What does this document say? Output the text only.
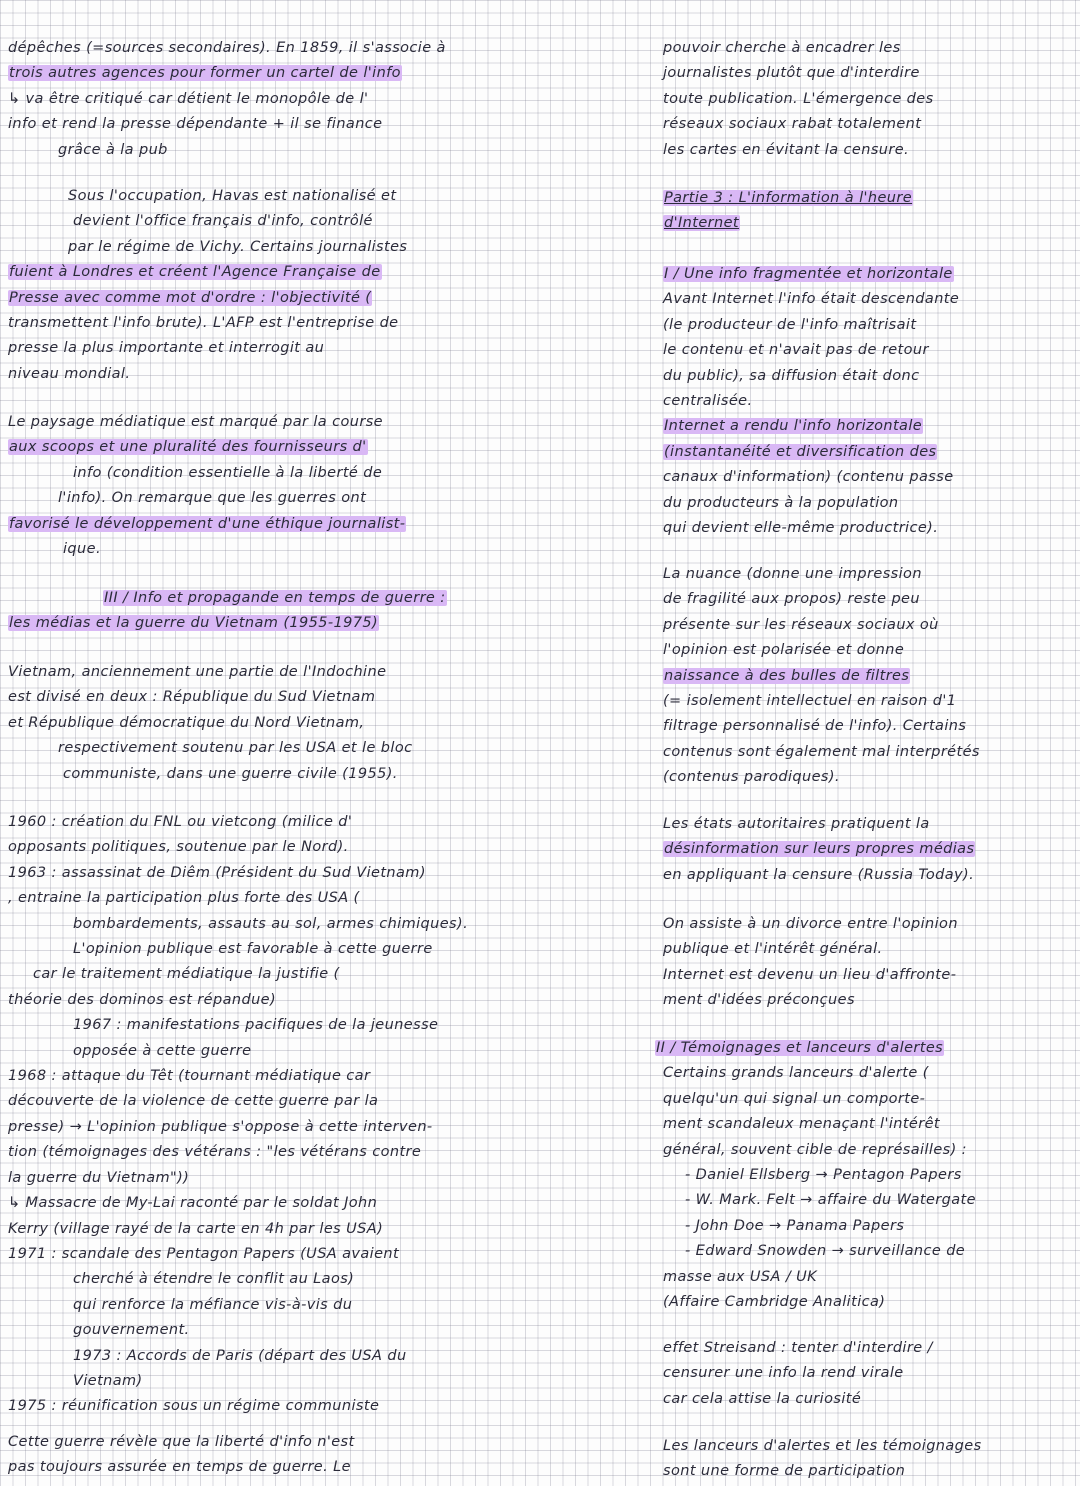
dépêches (=sources secondaires). En 1859, il s'associe à
trois autres agences pour former un cartel de l'info
↳ va être critiqué car détient le monopôle de l'
info et rend la presse dépendante + il se finance
grâce à la pub
Sous l'occupation, Havas est nationalisé et
devient l'office français d'info, contrôlé
par le régime de Vichy. Certains journalistes
fuient à Londres et créent l'Agence Française de
Presse avec comme mot d'ordre : l'objectivité (
transmettent l'info brute). L'AFP est l'entreprise de
presse la plus importante et interrogit au
niveau mondial.
Le paysage médiatique est marqué par la course
aux scoops et une pluralité des fournisseurs d'
info (condition essentielle à la liberté de
l'info). On remarque que les guerres ont
favorisé le développement d'une éthique journalist-
ique.
III / Info et propagande en temps de guerre :
les médias et la guerre du Vietnam (1955-1975)
Vietnam, anciennement une partie de l'Indochine
est divisé en deux : République du Sud Vietnam
et République démocratique du Nord Vietnam,
respectivement soutenu par les USA et le bloc
communiste, dans une guerre civile (1955).
1960 : création du FNL ou vietcong (milice d'
opposants politiques, soutenue par le Nord).
1963 : assassinat de Diêm (Président du Sud Vietnam)
, entraine la participation plus forte des USA (
bombardements, assauts au sol, armes chimiques).
L'opinion publique est favorable à cette guerre
car le traitement médiatique la justifie (
théorie des dominos est répandue)
1967 : manifestations pacifiques de la jeunesse
opposée à cette guerre
1968 : attaque du Têt (tournant médiatique car
découverte de la violence de cette guerre par la
presse) → L'opinion publique s'oppose à cette interven-
tion (témoignages des vétérans : "les vétérans contre
la guerre du Vietnam"))
↳ Massacre de My-Lai raconté par le soldat John
Kerry (village rayé de la carte en 4h par les USA)
1971 : scandale des Pentagon Papers (USA avaient
cherché à étendre le conflit au Laos)
qui renforce la méfiance vis-à-vis du
gouvernement.
1973 : Accords de Paris (départ des USA du
Vietnam)
1975 : réunification sous un régime communiste
Cette guerre révèle que la liberté d'info n'est
pas toujours assurée en temps de guerre. Le
pouvoir cherche à encadrer les
journalistes plutôt que d'interdire
toute publication. L'émergence des
réseaux sociaux rabat totalement
les cartes en évitant la censure.
Partie 3 : L'information à l'heure
d'Internet
I / Une info fragmentée et horizontale
Avant Internet l'info était descendante
(le producteur de l'info maîtrisait
le contenu et n'avait pas de retour
du public), sa diffusion était donc
centralisée.
Internet a rendu l'info horizontale
(instantanéité et diversification des
canaux d'information) (contenu passe
du producteurs à la population
qui devient elle-même productrice).
La nuance (donne une impression
de fragilité aux propos) reste peu
présente sur les réseaux sociaux où
l'opinion est polarisée et donne
naissance à des bulles de filtres
(= isolement intellectuel en raison d'1
filtrage personnalisé de l'info). Certains
contenus sont également mal interprétés
(contenus parodiques).
Les états autoritaires pratiquent la
désinformation sur leurs propres médias
en appliquant la censure (Russia Today).
On assiste à un divorce entre l'opinion
publique et l'intérêt général.
Internet est devenu un lieu d'affronte-
ment d'idées préconçues
II / Témoignages et lanceurs d'alertes
Certains grands lanceurs d'alerte (
quelqu'un qui signal un comporte-
ment scandaleux menaçant l'intérêt
général, souvent cible de représailles) :
- Daniel Ellsberg → Pentagon Papers
- W. Mark. Felt → affaire du Watergate
- John Doe → Panama Papers
- Edward Snowden → surveillance de
masse aux USA / UK
(Affaire Cambridge Analitica)
effet Streisand : tenter d'interdire /
censurer une info la rend virale
car cela attise la curiosité
Les lanceurs d'alertes et les témoignages
sont une forme de participation
